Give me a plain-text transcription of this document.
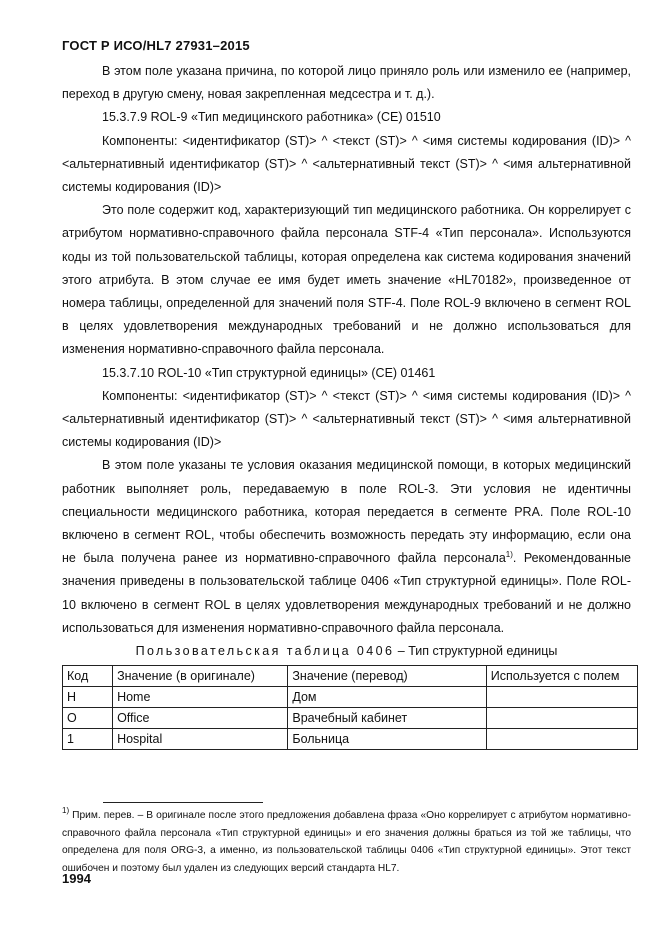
ГОСТ Р ИСО/HL7 27931–2015

В этом поле указана причина, по которой лицо приняло роль или изменило ее (например, переход в другую смену, новая закрепленная медсестра и т. д.).

15.3.7.9 ROL-9 «Тип медицинского работника» (CE) 01510

Компоненты: <идентификатор (ST)> ^ <текст (ST)> ^ <имя системы кодирования (ID)> ^ <альтернативный идентификатор (ST)> ^ <альтернативный текст (ST)> ^ <имя альтернативной системы кодирования (ID)>

Это поле содержит код, характеризующий тип медицинского работника. Он коррелирует с атрибутом нормативно-справочного файла персонала STF-4 «Тип персонала». Используются коды из той пользовательской таблицы, которая определена как система кодирования значений этого атрибута. В этом случае ее имя будет иметь значение «HL70182», произведенное от номера таблицы, определенной для значений поля STF-4. Поле ROL-9 включено в сегмент ROL в целях удовлетворения международных требований и не должно использоваться для изменения нормативно-справочного файла персонала.

15.3.7.10 ROL-10 «Тип структурной единицы» (CE) 01461

Компоненты: <идентификатор (ST)> ^ <текст (ST)> ^ <имя системы кодирования (ID)> ^ <альтернативный идентификатор (ST)> ^ <альтернативный текст (ST)> ^ <имя альтернативной системы кодирования (ID)>

В этом поле указаны те условия оказания медицинской помощи, в которых медицинский работник выполняет роль, передаваемую в поле ROL-3. Эти условия не идентичны специальности медицинского работника, которая передается в сегменте PRA. Поле ROL-10 включено в сегмент ROL, чтобы обеспечить возможность передать эту информацию, если она не была получена ранее из нормативно-справочного файла персонала$^{1)}$. Рекомендованные значения приведены в пользовательской таблице 0406 «Тип структурной единицы». Поле ROL-10 включено в сегмент ROL в целях удовлетворения международных требований и не должно использоваться для изменения нормативно-справочного файла персонала.

Пользовательская таблица 0406 – Тип структурной единицы

Код	Значение (в оригинале)	Значение (перевод)	Используется с полем
H	Home	Дом	
O	Office	Врачебный кабинет	
1	Hospital	Больница	
$^{1)}$ Прим. перев. – В оригинале после этого предложения добавлена фраза «Оно коррелирует с атрибутом нормативно-справочного файла персонала «Тип структурной единицы» и его значения должны браться из той же таблицы, что определена для поля ORG-3, а именно, из пользовательской таблицы 0406 «Тип структурной единицы». Этот текст ошибочен и поэтому был удален из следующих версий стандарта HL7.
1994
